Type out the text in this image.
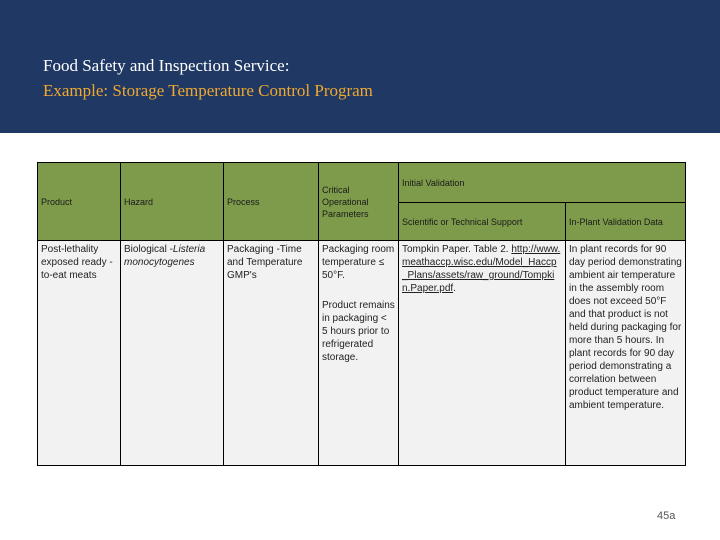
Food Safety and Inspection Service:
Example: Storage Temperature Control Program
Product	Hazard	Process	Critical Operational Parameters	Initial Validation	

				Scientific or Technical Support	In-Plant Validation Data

Post-lethality exposed ready -to-eat meats	Biological -Listeria monocytogenes	Packaging -Time and Temperature GMP's	Packaging room temperature ≤ 50°F.
Product remains in packaging < 5 hours prior to refrigerated storage.	Tompkin Paper. Table 2. http://www.meathaccp.wisc.edu/Model_Haccp_Plans/assets/raw_ground/Tompkin.Paper.pdf.	In plant records for 90 day period demonstrating ambient air temperature in the assembly room does not exceed 50°F and that product is not held during packaging for more than 5 hours. In plant records for 90 day period demonstrating a correlation between product temperature and ambient temperature.
45a
